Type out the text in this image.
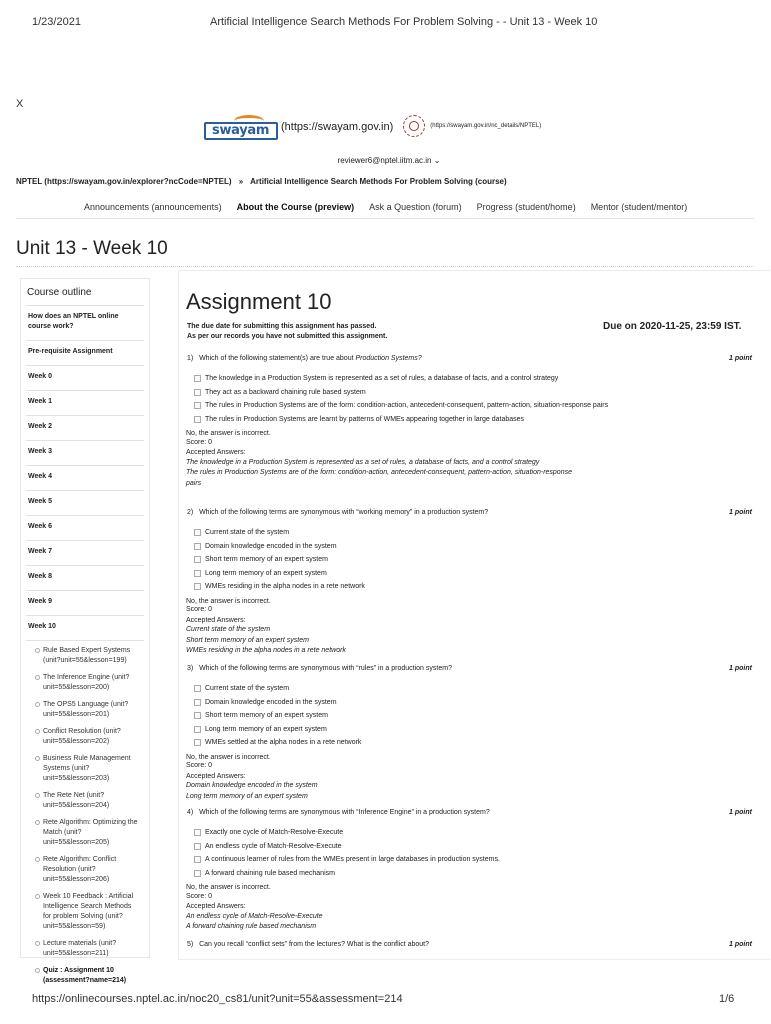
1/23/2021	Artificial Intelligence Search Methods For Problem Solving - - Unit 13 - Week 10
X
swayam (https://swayam.gov.in)	(https://swayam.gov.in/nc_details/NPTEL)
reviewer6@nptel.iitm.ac.in ⌄
NPTEL (https://swayam.gov.in/explorer?ncCode=NPTEL) » Artificial Intelligence Search Methods For Problem Solving (course)
Announcements (announcements) About the Course (preview) Ask a Question (forum) Progress (student/home) Mentor (student/mentor)
Unit 13 - Week 10
Course outline
How does an NPTEL online course work?
Pre-requisite Assignment
Week 0
Week 1
Week 2
Week 3
Week 4
Week 5
Week 6
Week 7
Week 8
Week 9
Week 10
Rule Based Expert Systems (unit?unit=55&lesson=199)
The Inference Engine (unit?unit=55&lesson=200)
The OPS5 Language (unit?unit=55&lesson=201)
Conflict Resolution (unit?unit=55&lesson=202)
Business Rule Management Systems (unit?unit=55&lesson=203)
The Rete Net (unit?unit=55&lesson=204)
Rete Algorithm: Optimizing the Match (unit?unit=55&lesson=205)
Rete Algorithm: Conflict Resolution (unit?unit=55&lesson=206)
Week 10 Feedback : Artificial Intelligence Search Methods for problem Solving (unit?unit=55&lesson=59)
Lecture materials (unit?unit=55&lesson=211)
Quiz : Assignment 10 (assessment?name=214)
Assignment 10
The due date for submitting this assignment has passed.
As per our records you have not submitted this assignment.
Due on 2020-11-25, 23:59 IST.
1) Which of the following statement(s) are true about Production Systems?	1 point
The knowledge in a Production System is represented as a set of rules, a database of facts, and a control strategy
They act as a backward chaining rule based system
The rules in Production Systems are of the form: condition-action, antecedent-consequent, pattern-action, situation-response pairs
The rules in Production Systems are learnt by patterns of WMEs appearing together in large databases
No, the answer is incorrect.
Score: 0
Accepted Answers:
The knowledge in a Production System is represented as a set of rules, a database of facts, and a control strategy
The rules in Production Systems are of the form: condition-action, antecedent-consequent, pattern-action, situation-response pairs
2) Which of the following terms are synonymous with “working memory” in a production system?	1 point
Current state of the system
Domain knowledge encoded in the system
Short term memory of an expert system
Long term memory of an expert system
WMEs residing in the alpha nodes in a rete network
No, the answer is incorrect.
Score: 0
Accepted Answers:
Current state of the system
Short term memory of an expert system
WMEs residing in the alpha nodes in a rete network
3) Which of the following terms are synonymous with “rules” in a production system?	1 point
Current state of the system
Domain knowledge encoded in the system
Short term memory of an expert system
Long term memory of an expert system
WMEs settled at the alpha nodes in a rete network
No, the answer is incorrect.
Score: 0
Accepted Answers:
Domain knowledge encoded in the system
Long term memory of an expert system
4) Which of the following terms are synonymous with “Inference Engine” in a production system?	1 point
Exactly one cycle of Match-Resolve-Execute
An endless cycle of Match-Resolve-Execute
A continuous learner of rules from the WMEs present in large databases in production systems.
A forward chaining rule based mechanism
No, the answer is incorrect.
Score: 0
Accepted Answers:
An endless cycle of Match-Resolve-Execute
A forward chaining rule based mechanism
5) Can you recall “conflict sets” from the lectures? What is the conflict about?	1 point
https://onlinecourses.nptel.ac.in/noc20_cs81/unit?unit=55&assessment=214	1/6
